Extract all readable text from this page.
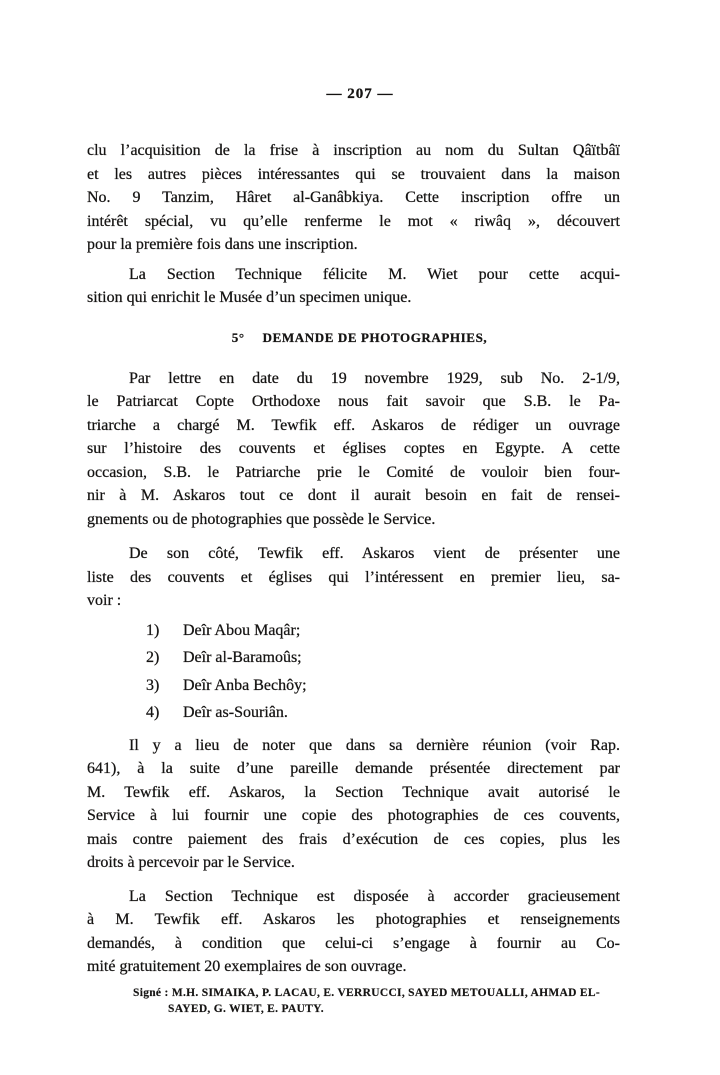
— 207 —
clu l’acquisition de la frise à inscription au nom du Sultan Qâïtbâï
et les autres pièces intéressantes qui se trouvaient dans la maison
No. 9 Tanzim, Hâret al-Ganâbkiya. Cette inscription offre un
intérêt spécial, vu qu’elle renferme le mot « riwâq », découvert
pour la première fois dans une inscription.
La Section Technique félicite M. Wiet pour cette acqui-
sition qui enrichit le Musée d’un specimen unique.
5° DEMANDE DE PHOTOGRAPHIES,
Par lettre en date du 19 novembre 1929, sub No. 2-1/9,
le Patriarcat Copte Orthodoxe nous fait savoir que S.B. le Pa-
triarche a chargé M. Tewfik eff. Askaros de rédiger un ouvrage
sur l’histoire des couvents et églises coptes en Egypte. A cette
occasion, S.B. le Patriarche prie le Comité de vouloir bien four-
nir à M. Askaros tout ce dont il aurait besoin en fait de rensei-
gnements ou de photographies que possède le Service.
De son côté, Tewfik eff. Askaros vient de présenter une
liste des couvents et églises qui l’intéressent en premier lieu, sa-
voir :
1) Deîr Abou Maqâr;
2) Deîr al-Baramoûs;
3) Deîr Anba Bechôy;
4) Deîr as-Souriân.
Il y a lieu de noter que dans sa dernière réunion (voir Rap.
641), à la suite d’une pareille demande présentée directement par
M. Tewfik eff. Askaros, la Section Technique avait autorisé le
Service à lui fournir une copie des photographies de ces couvents,
mais contre paiement des frais d’exécution de ces copies, plus les
droits à percevoir par le Service.
La Section Technique est disposée à accorder gracieusement
à M. Tewfik eff. Askaros les photographies et renseignements
demandés, à condition que celui-ci s’engage à fournir au Co-
mité gratuitement 20 exemplaires de son ouvrage.
Signé : M.H. SIMAIKA, P. LACAU, E. VERRUCCI, SAYED METOUALLI, AHMAD EL-
SAYED, G. WIET, E. PAUTY.
